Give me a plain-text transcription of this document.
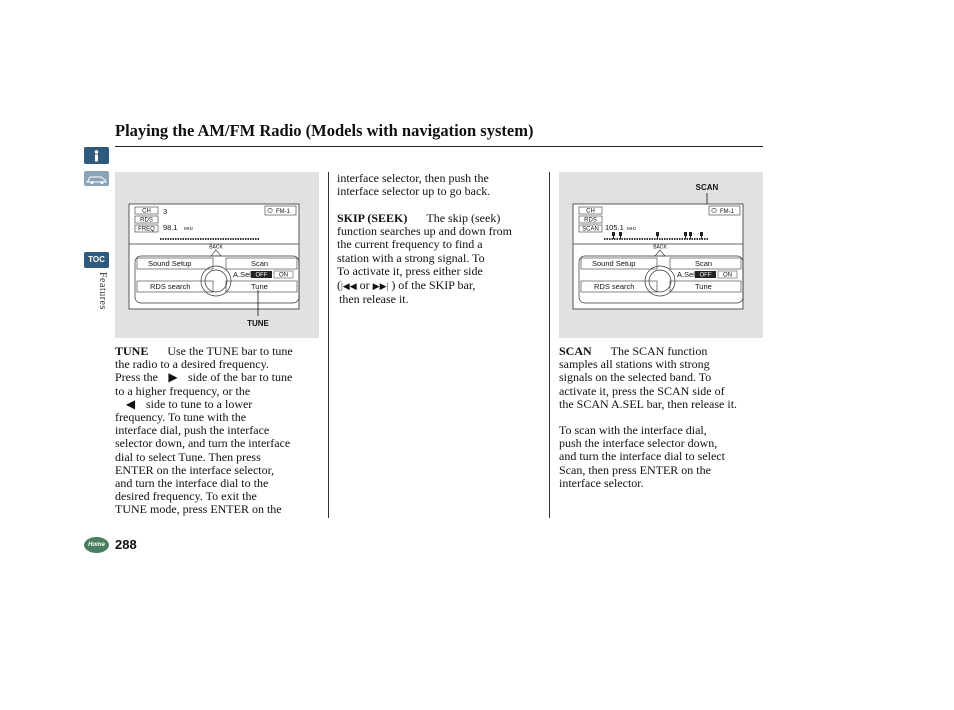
Playing the AM/FM Radio (Models with navigation system)
TOC
Features
CH
RDS
FREQ
3
98.1 MHz
FM-1
BACK
Sound Setup	Scan
A.Sel OFF ON
RDS search	Tune
TUNE
SCAN
CH
RDS
SCAN 105.1 MHz
FM-1
BACK
Sound Setup	Scan
A.Sel OFF ON
RDS search	Tune
TUNE Use the TUNE bar to tune
the radio to a desired frequency.
Press the ▶ side of the bar to tune
to a higher frequency, or the
◀ side to tune to a lower
frequency. To tune with the
interface dial, push the interface
selector down, and turn the interface
dial to select Tune. Then press
ENTER on the interface selector,
and turn the interface dial to the
desired frequency. To exit the
TUNE mode, press ENTER on the
interface selector, then push the
interface selector up to go back.
SKIP (SEEK) The skip (seek)
function searches up and down from
the current frequency to find a
station with a strong signal. To
To activate it, press either side
(|◀◀ or ▶▶| ) of the SKIP bar,
then release it.
SCAN The SCAN function
samples all stations with strong
signals on the selected band. To
activate it, press the SCAN side of
the SCAN A.SEL bar, then release it.
To scan with the interface dial,
push the interface selector down,
and turn the interface dial to select
Scan, then press ENTER on the
interface selector.
Home 288
